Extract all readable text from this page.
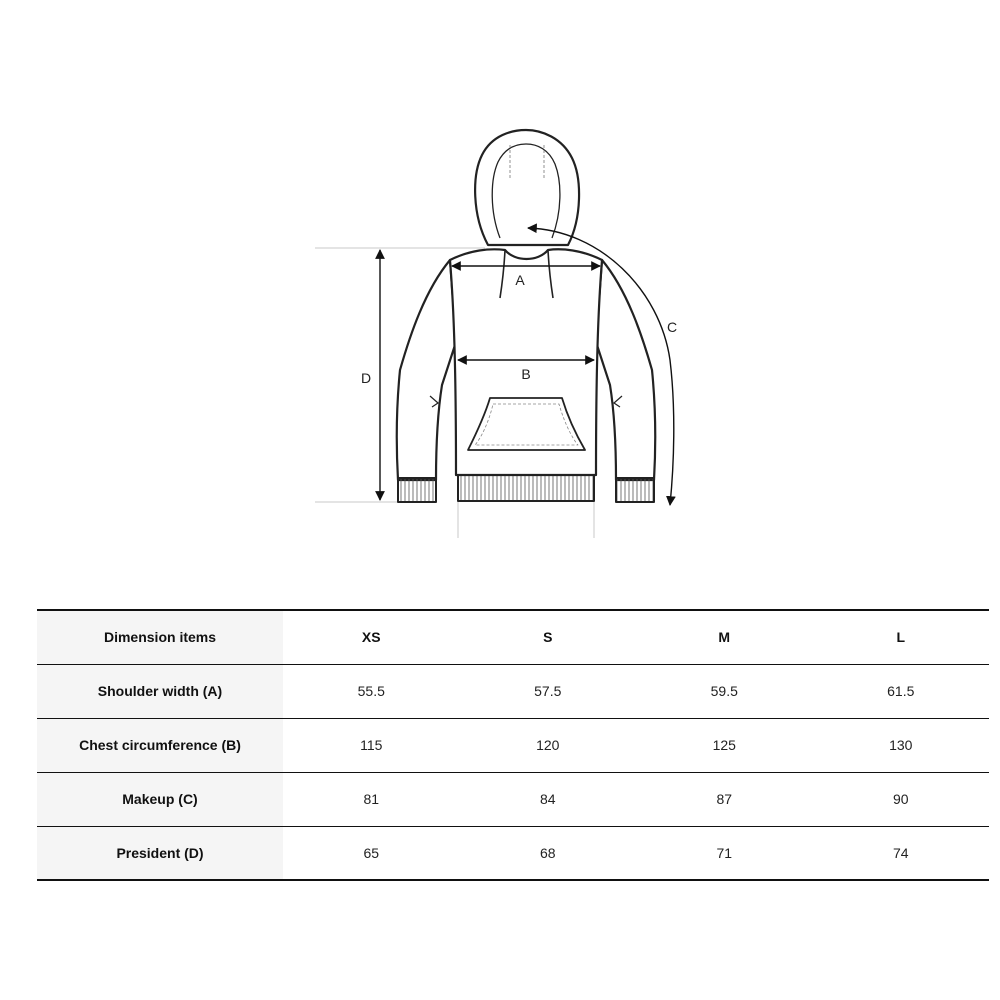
A
B
C
D
Dimension items	XS	S	M	L
Shoulder width (A)	55.5	57.5	59.5	61.5
Chest circumference (B)	115	120	125	130
Makeup (C)	81	84	87	90
President (D)	65	68	71	74
